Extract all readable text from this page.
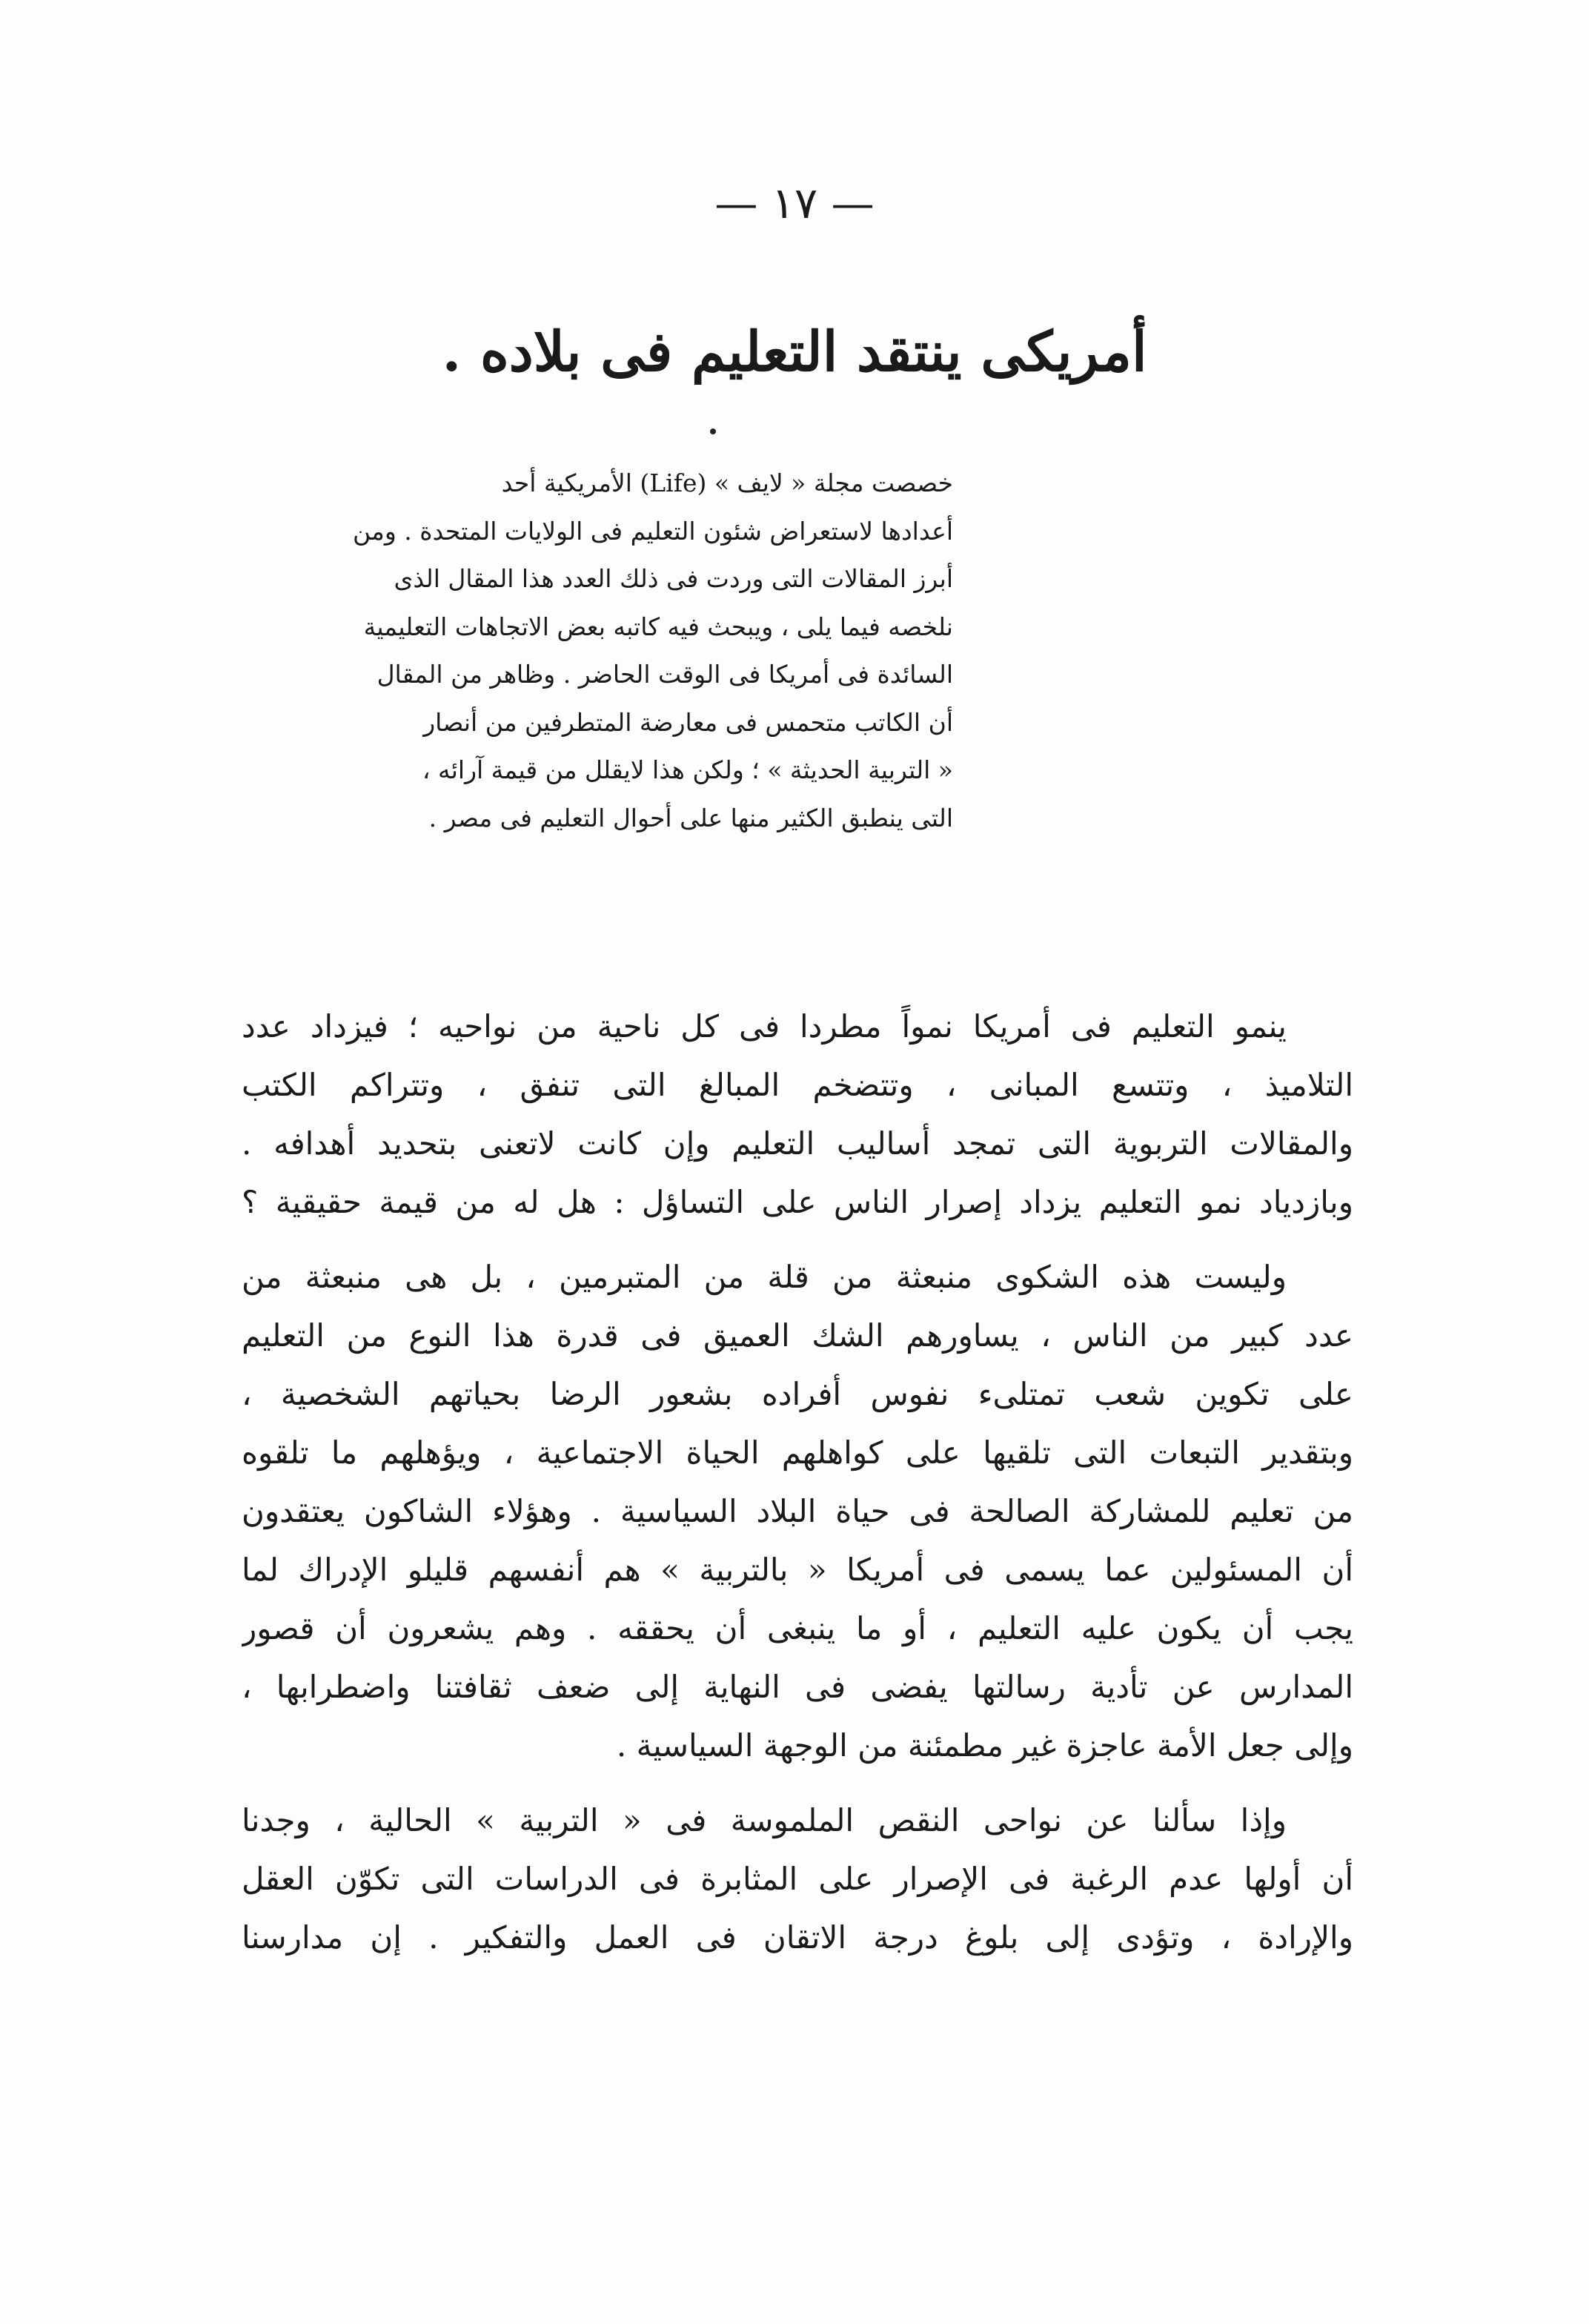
— ١٧ —
أمريكى ينتقد التعليم فى بلاده .
خصصت مجلة « لايف » (Life) الأمريكية أحد
أعدادها لاستعراض شئون التعليم فى الولايات المتحدة . ومن
أبرز المقالات التى وردت فى ذلك العدد هذا المقال الذى
نلخصه فيما يلى ، ويبحث فيه كاتبه بعض الاتجاهات التعليمية
السائدة فى أمريكا فى الوقت الحاضر . وظاهر من المقال
أن الكاتب متحمس فى معارضة المتطرفين من أنصار
« التربية الحديثة » ؛ ولكن هذا لايقلل من قيمة آرائه ،
التى ينطبق الكثير منها على أحوال التعليم فى مصر .
ينمو التعليم فى أمريكا نمواً مطردا فى كل ناحية من نواحيه ؛ فيزداد عدد
التلاميذ ، وتتسع المبانى ، وتتضخم المبالغ التى تنفق ، وتتراكم الكتب
والمقالات التربوية التى تمجد أساليب التعليم وإن كانت لاتعنى بتحديد أهدافه .
وبازدياد نمو التعليم يزداد إصرار الناس على التساؤل : هل له من قيمة حقيقية ؟
وليست هذه الشكوى منبعثة من قلة من المتبرمين ، بل هى منبعثة من
عدد كبير من الناس ، يساورهم الشك العميق فى قدرة هذا النوع من التعليم
على تكوين شعب تمتلىء نفوس أفراده بشعور الرضا بحياتهم الشخصية ،
وبتقدير التبعات التى تلقيها على كواهلهم الحياة الاجتماعية ، ويؤهلهم ما تلقوه
من تعليم للمشاركة الصالحة فى حياة البلاد السياسية . وهؤلاء الشاكون يعتقدون
أن المسئولين عما يسمى فى أمريكا « بالتربية » هم أنفسهم قليلو الإدراك لما
يجب أن يكون عليه التعليم ، أو ما ينبغى أن يحققه . وهم يشعرون أن قصور
المدارس عن تأدية رسالتها يفضى فى النهاية إلى ضعف ثقافتنا واضطرابها ،
وإلى جعل الأمة عاجزة غير مطمئنة من الوجهة السياسية .
وإذا سألنا عن نواحى النقص الملموسة فى « التربية » الحالية ، وجدنا
أن أولها عدم الرغبة فى الإصرار على المثابرة فى الدراسات التى تكوّن العقل
والإرادة ، وتؤدى إلى بلوغ درجة الاتقان فى العمل والتفكير . إن مدارسنا
